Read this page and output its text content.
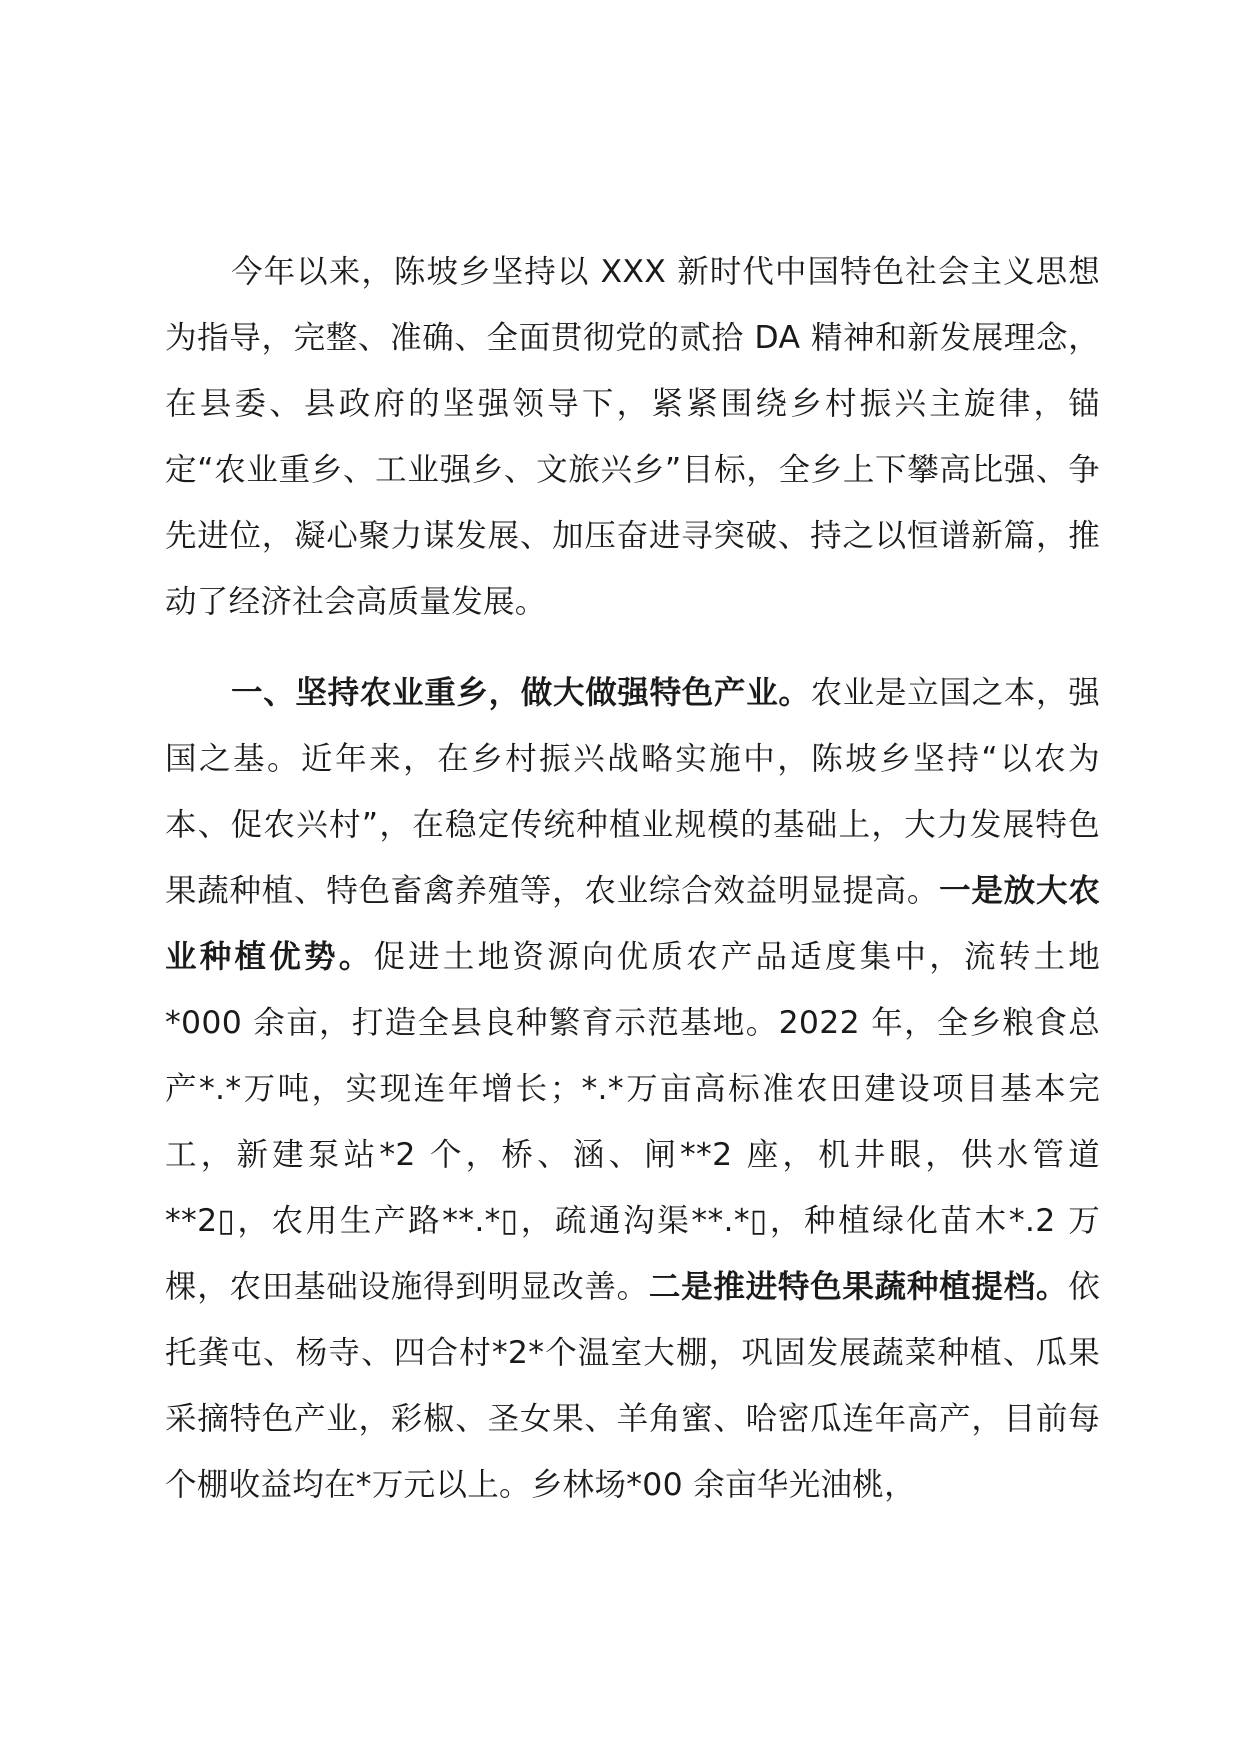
今年以来，陈坡乡坚持以 XXX 新时代中国特色社会主义思想为指导，完整、准确、全面贯彻党的贰拾 DA 精神和新发展理念，在县委、县政府的坚强领导下，紧紧围绕乡村振兴主旋律，锚定“农业重乡、工业强乡、文旅兴乡”目标，全乡上下攀高比强、争先进位，凝心聚力谋发展、加压奋进寻突破、持之以恒谱新篇，推动了经济社会高质量发展。

一、坚持农业重乡，做大做强特色产业。农业是立国之本，强国之基。近年来，在乡村振兴战略实施中，陈坡乡坚持“以农为本、促农兴村”，在稳定传统种植业规模的基础上，大力发展特色果蔬种植、特色畜禽养殖等，农业综合效益明显提高。一是放大农业种植优势。促进土地资源向优质农产品适度集中，流转土地*000 余亩，打造全县良种繁育示范基地。2022 年，全乡粮食总产*.*万吨，实现连年增长；*.*万亩高标准农田建设项目基本完工，新建泵站*2 个，桥、涵、闸**2 座，机井眼，供水管道**2▯，农用生产路**.*▯，疏通沟渠**.*▯，种植绿化苗木*.2 万棵，农田基础设施得到明显改善。二是推进特色果蔬种植提档。依托龚屯、杨寺、四合村*2*个温室大棚，巩固发展蔬菜种植、瓜果采摘特色产业，彩椒、圣女果、羊角蜜、哈密瓜连年高产，目前每个棚收益均在*万元以上。乡林场*00 余亩华光油桃，
